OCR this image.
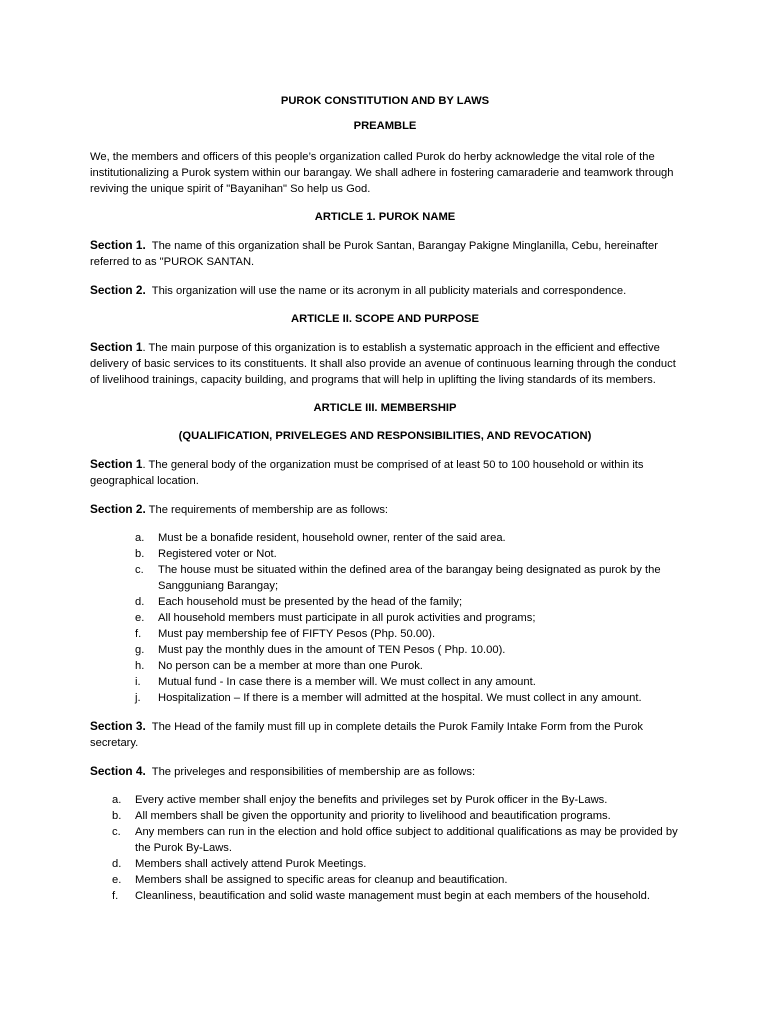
PUROK CONSTITUTION AND BY LAWS
PREAMBLE
We, the members and officers of this people’s organization called Purok do herby acknowledge the vital role of the institutionalizing a Purok system within our barangay. We shall adhere in fostering camaraderie and teamwork through reviving the unique spirit of "Bayanihan" So help us God.
ARTICLE 1. PUROK NAME
Section 1. The name of this organization shall be Purok Santan, Barangay Pakigne Minglanilla, Cebu, hereinafter referred to as "PUROK SANTAN.
Section 2. This organization will use the name or its acronym in all publicity materials and correspondence.
ARTICLE II. SCOPE AND PURPOSE
Section 1. The main purpose of this organization is to establish a systematic approach in the efficient and effective delivery of basic services to its constituents. It shall also provide an avenue of continuous learning through the conduct of livelihood trainings, capacity building, and programs that will help in uplifting the living standards of its members.
ARTICLE III. MEMBERSHIP
(QUALIFICATION, PRIVELEGES AND RESPONSIBILITIES, AND REVOCATION)
Section 1. The general body of the organization must be comprised of at least 50 to 100 household or within its geographical location.
Section 2. The requirements of membership are as follows:
a. Must be a bonafide resident, household owner, renter of the said area.
b. Registered voter or Not.
c. The house must be situated within the defined area of the barangay being designated as purok by the Sangguniang Barangay;
d. Each household must be presented by the head of the family;
e. All household members must participate in all purok activities and programs;
f. Must pay membership fee of FIFTY Pesos (Php. 50.00).
g. Must pay the monthly dues in the amount of TEN Pesos ( Php. 10.00).
h. No person can be a member at more than one Purok.
i. Mutual fund - In case there is a member will. We must collect in any amount.
j. Hospitalization – If there is a member will admitted at the hospital. We must collect in any amount.
Section 3. The Head of the family must fill up in complete details the Purok Family Intake Form from the Purok secretary.
Section 4. The priveleges and responsibilities of membership are as follows:
a. Every active member shall enjoy the benefits and privileges set by Purok officer in the By-Laws.
b. All members shall be given the opportunity and priority to livelihood and beautification programs.
c. Any members can run in the election and hold office subject to additional qualifications as may be provided by the Purok By-Laws.
d. Members shall actively attend Purok Meetings.
e. Members shall be assigned to specific areas for cleanup and beautification.
f. Cleanliness, beautification and solid waste management must begin at each members of the household.
